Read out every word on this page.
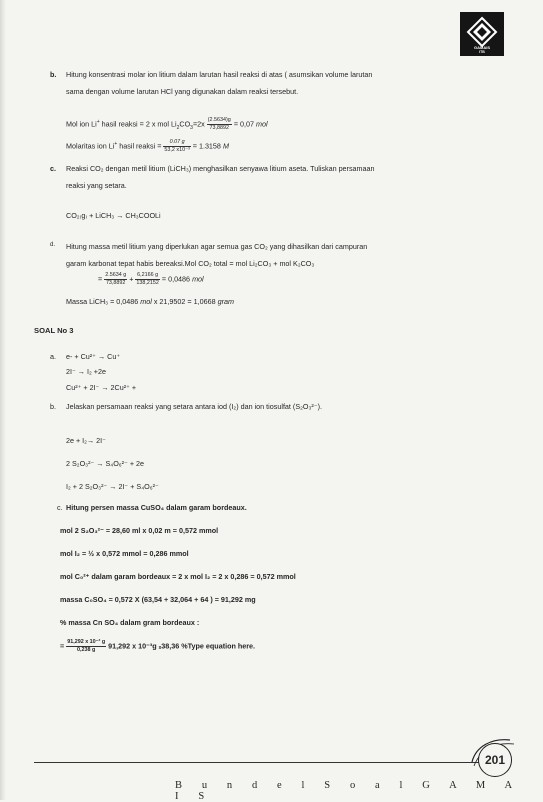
GAMAIS
ITB
b. Hitung konsentrasi molar ion litium dalam larutan hasil reaksi di atas ( asumsikan volume larutan
sama dengan volume larutan HCl yang digunakan dalam reaksi tersebut.
Mol ion Li+ hasil reaksi = 2 x mol $Li_2CO_3=2x \frac{(2.5634)g}{73,8892} = 0,07$ mol
Molaritas ion Li+ hasil reaksi = $\frac{0.07 g}{\text{53,2 x10⁻³}} = 1.3158$ M
c. Reaksi CO₂ dengan metil litium (LiCH₃) menghasilkan senyawa litium aseta. Tuliskan persamaan
reaksi yang setara.
CO₂₍g₎ + LiCH₃ → CH₃COOLi
d. Hitung massa metil litium yang diperlukan agar semua gas CO₂ yang dihasilkan dari campuran
garam karbonat tepat habis bereaksi.Mol CO₂ total = mol Li₂CO₃ + mol K₂CO₃
= $\frac{2.5634 g}{73,8892} + \frac{6,2166 g}{138,2152} = 0,0486$ mol
Massa LiCH₃ = 0,0486 mol x 21,9502 = 1,0668 gram
SOAL No 3
a. e- + Cu²⁺ → Cu⁺
2I⁻ → I₂ +2e
Cu²⁺ + 2I⁻ → 2Cu²⁺ +
b. Jelaskan persamaan reaksi yang setara antara iod (I₂) dan ion tiosulfat (S₂O₃²⁻).
2e + I₂→ 2I⁻
2 S₂O₃²⁻ → S₄O₆²⁻ + 2e
I₂ + 2 S₂O₃²⁻ → 2I⁻ + S₄O₆²⁻
c. Hitung persen massa CuSO₄ dalam garam bordeaux.
mol 2 S₂O₃²⁻ = 28,60 ml x 0,02 m = 0,572 mmol
mol I₂ = ½ x 0,572 mmol = 0,286 mmol
mol C₀²⁺ dalam garam bordeaux = 2 x mol I₂ = 2 x 0,286 = 0,572 mmol
massa C₀SO₄ = 0,572 X (63,54 + 32,064 + 64 ) = 91,292 mg
% massa Cn SO₄ dalam gram bordeaux :
= $\frac{\text{91,292 x 10⁻³ g}}{0,238 g} 91,292$ x 10⁻³g ₓ38,36 %Type equation here.
201
B u n d e l S o a l G A M A I S
